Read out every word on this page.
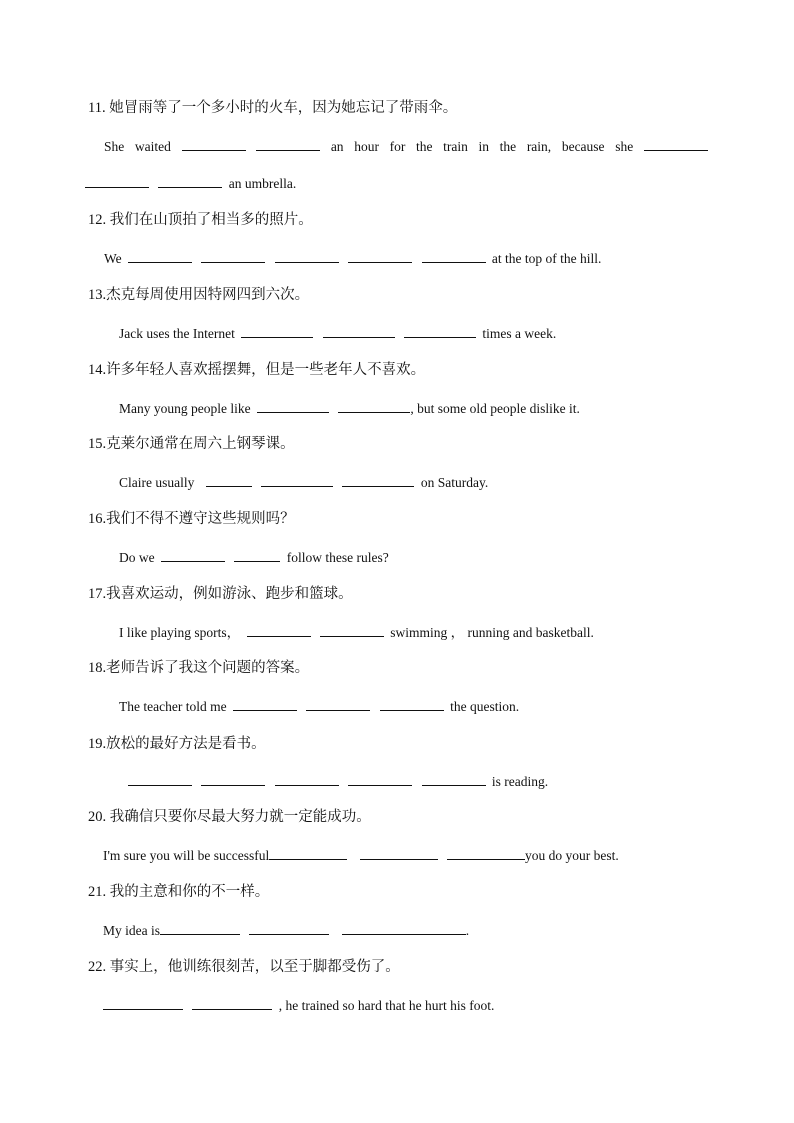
11. 她冒雨等了一个多小时的火车，因为她忘记了带雨伞。
She waited	an hour for the train in the rain, because she
an umbrella.
12. 我们在山顶拍了相当多的照片。
We	at the top of the hill.
13.杰克每周使用因特网四到六次。
Jack uses the Internet	times a week.
14.许多年轻人喜欢摇摆舞，但是一些老年人不喜欢。
Many young people like	, but some old people dislike it.
15.克莱尔通常在周六上钢琴课。
Claire usually	on Saturday.
16.我们不得不遵守这些规则吗？
Do we	follow these rules?
17.我喜欢运动，例如游泳、跑步和篮球。
I like playing sports，	swimming ， running and basketball.
18.老师告诉了我这个问题的答案。
The teacher told me	the question.
19.放松的最好方法是看书。
is reading.
20. 我确信只要你尽最大努力就一定能成功。
I'm sure you will be successful	you do your best.
21. 我的主意和你的不一样。
My idea is	.
22. 事实上，他训练很刻苦，以至于脚都受伤了。
, he trained so hard that he hurt his foot.
